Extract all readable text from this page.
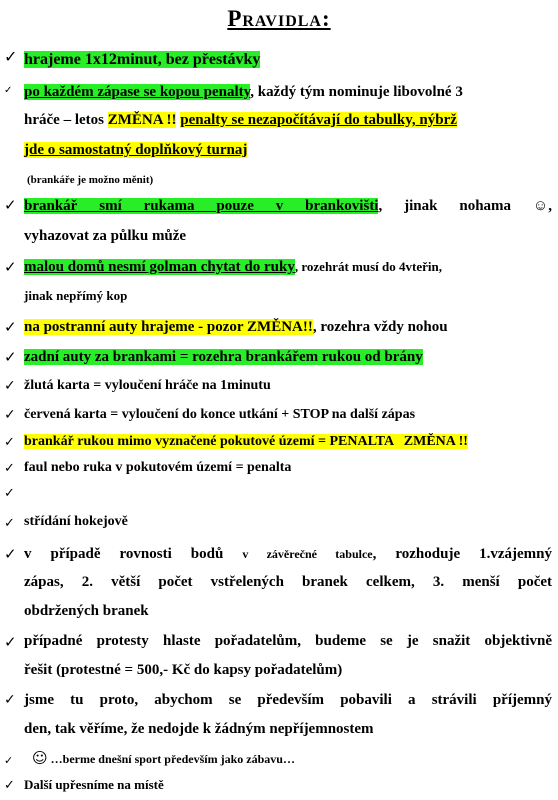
Pravidla:
✓ hrajeme 1x12minut, bez přestávky
✓ po každém zápase se kopou penalty, každý tým nominuje libovolné 3
hráče – letos ZMĚNA !! penalty se nezapočítávají do tabulky, nýbrž
jde o samostatný doplňkový turnaj
(brankáře je možno měnit)
✓ brankář smí rukama pouze v brankovišti, jinak nohama ☺,
vyhazovat za půlku může
✓ malou domů nesmí golman chytat do ruky, rozehrát musí do 4vteřin,
jinak nepřímý kop
✓ na postranní auty hrajeme - pozor ZMĚNA!!, rozehra vždy nohou
✓ zadní auty za brankami = rozehra brankářem rukou od brány
✓ žlutá karta = vyloučení hráče na 1minutu
✓ červená karta = vyloučení do konce utkání + STOP na další zápas
✓ brankář rukou mimo vyznačené pokutové území = PENALTA   ZMĚNA !!
✓ faul nebo ruka v pokutovém území = penalta
✓
✓ střídání hokejově
✓ v případě rovnosti bodů v závěrečné tabulce, rozhoduje 1.vzájemný
zápas, 2. větší počet vstřelených branek celkem, 3. menší počet
obdržených branek
✓ případné protesty hlaste pořadatelům, budeme se je snažit objektivně
řešit (protestné = 500,- Kč do kapsy pořadatelům)
✓ jsme tu proto, abychom se především pobavili a strávili příjemný
den, tak věříme, že nedojde k žádným nepříjemnostem
✓ ☺ …berme dnešní sport především jako zábavu…
✓ Další upřesníme na místě
